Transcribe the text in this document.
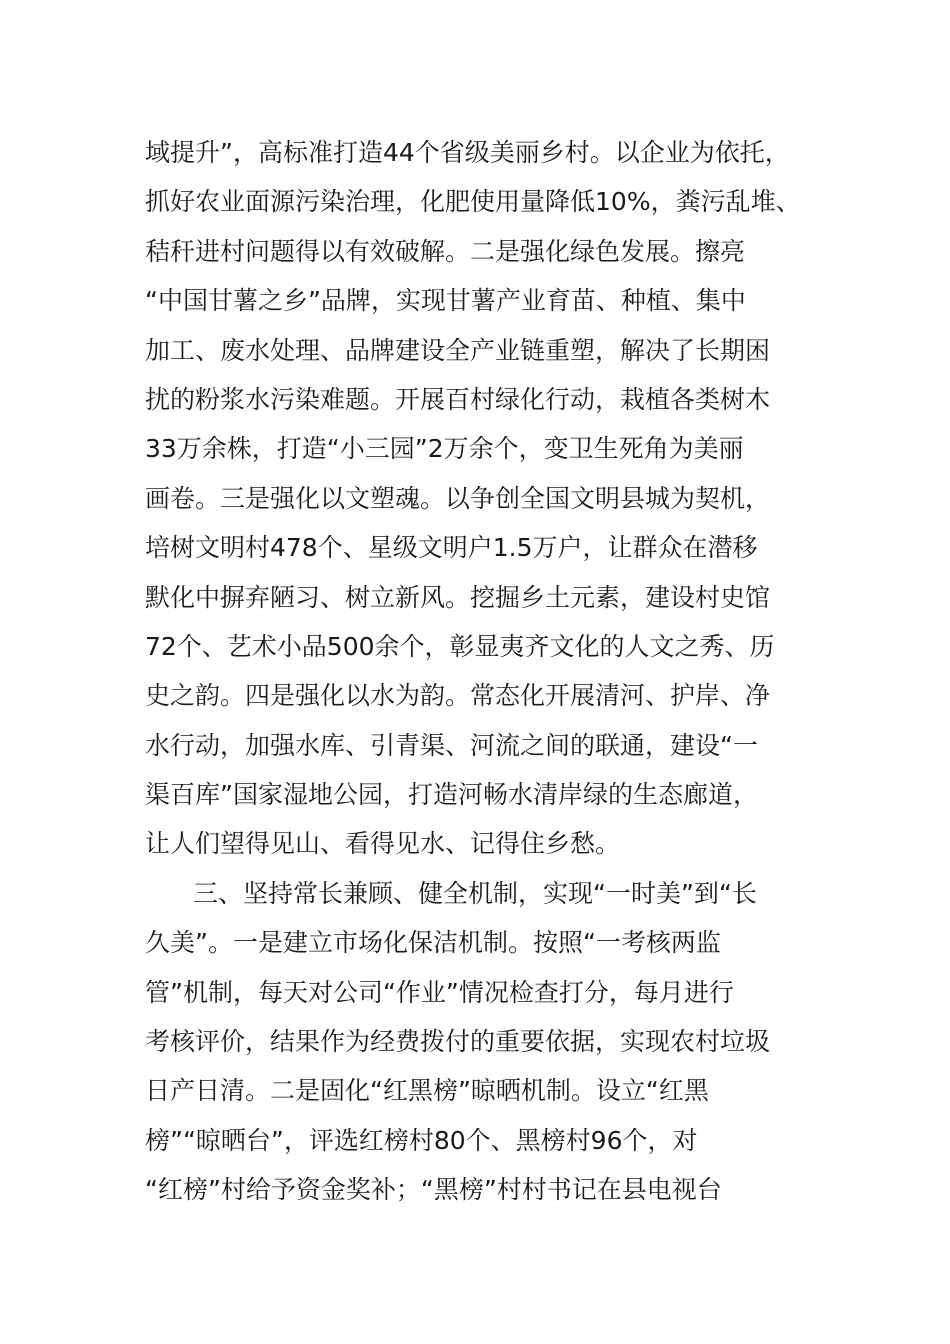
域提升”，高标准打造44个省级美丽乡村。以企业为依托，
抓好农业面源污染治理，化肥使用量降低10%，粪污乱堆、
秸秆进村问题得以有效破解。二是强化绿色发展。擦亮
“中国甘薯之乡”品牌，实现甘薯产业育苗、种植、集中
加工、废水处理、品牌建设全产业链重塑，解决了长期困
扰的粉浆水污染难题。开展百村绿化行动，栽植各类树木
33万余株，打造“小三园”2万余个，变卫生死角为美丽
画卷。三是强化以文塑魂。以争创全国文明县城为契机，
培树文明村478个、星级文明户1.5万户，让群众在潜移
默化中摒弃陋习、树立新风。挖掘乡土元素，建设村史馆
72个、艺术小品500余个，彰显夷齐文化的人文之秀、历
史之韵。四是强化以水为韵。常态化开展清河、护岸、净
水行动，加强水库、引青渠、河流之间的联通，建设“一
渠百库”国家湿地公园，打造河畅水清岸绿的生态廊道，
让人们望得见山、看得见水、记得住乡愁。
三、坚持常长兼顾、健全机制，实现“一时美”到“长
久美”。一是建立市场化保洁机制。按照“一考核两监
管”机制，每天对公司“作业”情况检查打分，每月进行
考核评价，结果作为经费拨付的重要依据，实现农村垃圾
日产日清。二是固化“红黑榜”晾晒机制。设立“红黑
榜”“晾晒台”，评选红榜村80个、黑榜村96个，对
“红榜”村给予资金奖补；“黑榜”村村书记在县电视台
